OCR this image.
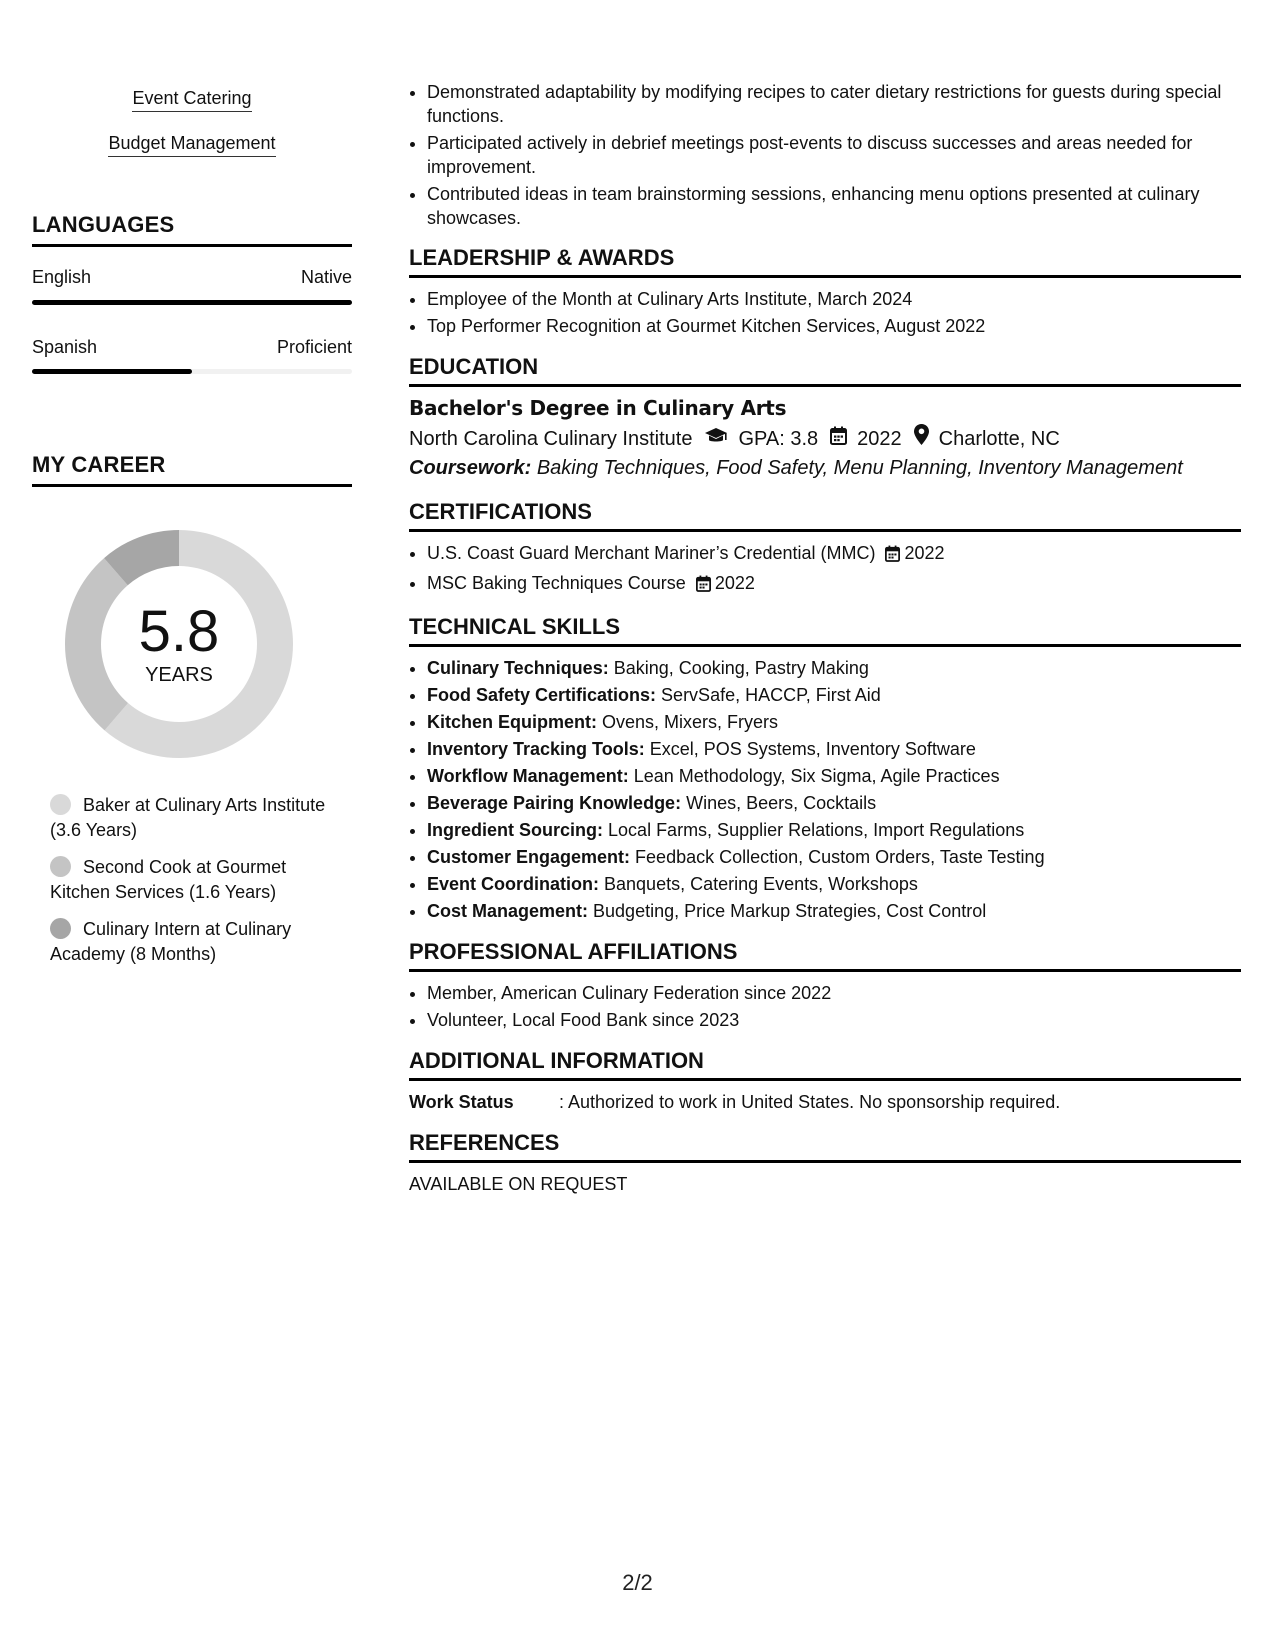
Event Catering
Budget Management
LANGUAGES
English	Native
Spanish	Proficient
MY CAREER
5.8
YEARS
Baker at Culinary Arts Institute (3.6 Years)
Second Cook at Gourmet Kitchen Services (1.6 Years)
Culinary Intern at Culinary Academy (8 Months)
• Demonstrated adaptability by modifying recipes to cater dietary restrictions for guests during special functions.
• Participated actively in debrief meetings post-events to discuss successes and areas needed for improvement.
• Contributed ideas in team brainstorming sessions, enhancing menu options presented at culinary showcases.
LEADERSHIP & AWARDS
• Employee of the Month at Culinary Arts Institute, March 2024
• Top Performer Recognition at Gourmet Kitchen Services, August 2022
EDUCATION
Bachelor's Degree in Culinary Arts
North Carolina Culinary Institute GPA: 3.8 2022 Charlotte, NC
Coursework: Baking Techniques, Food Safety, Menu Planning, Inventory Management
CERTIFICATIONS
• U.S. Coast Guard Merchant Mariner’s Credential (MMC) 2022
• MSC Baking Techniques Course 2022
TECHNICAL SKILLS
• Culinary Techniques: Baking, Cooking, Pastry Making
• Food Safety Certifications: ServSafe, HACCP, First Aid
• Kitchen Equipment: Ovens, Mixers, Fryers
• Inventory Tracking Tools: Excel, POS Systems, Inventory Software
• Workflow Management: Lean Methodology, Six Sigma, Agile Practices
• Beverage Pairing Knowledge: Wines, Beers, Cocktails
• Ingredient Sourcing: Local Farms, Supplier Relations, Import Regulations
• Customer Engagement: Feedback Collection, Custom Orders, Taste Testing
• Event Coordination: Banquets, Catering Events, Workshops
• Cost Management: Budgeting, Price Markup Strategies, Cost Control
PROFESSIONAL AFFILIATIONS
• Member, American Culinary Federation since 2022
• Volunteer, Local Food Bank since 2023
ADDITIONAL INFORMATION
Work Status	: Authorized to work in United States. No sponsorship required.
REFERENCES
AVAILABLE ON REQUEST
2/2
